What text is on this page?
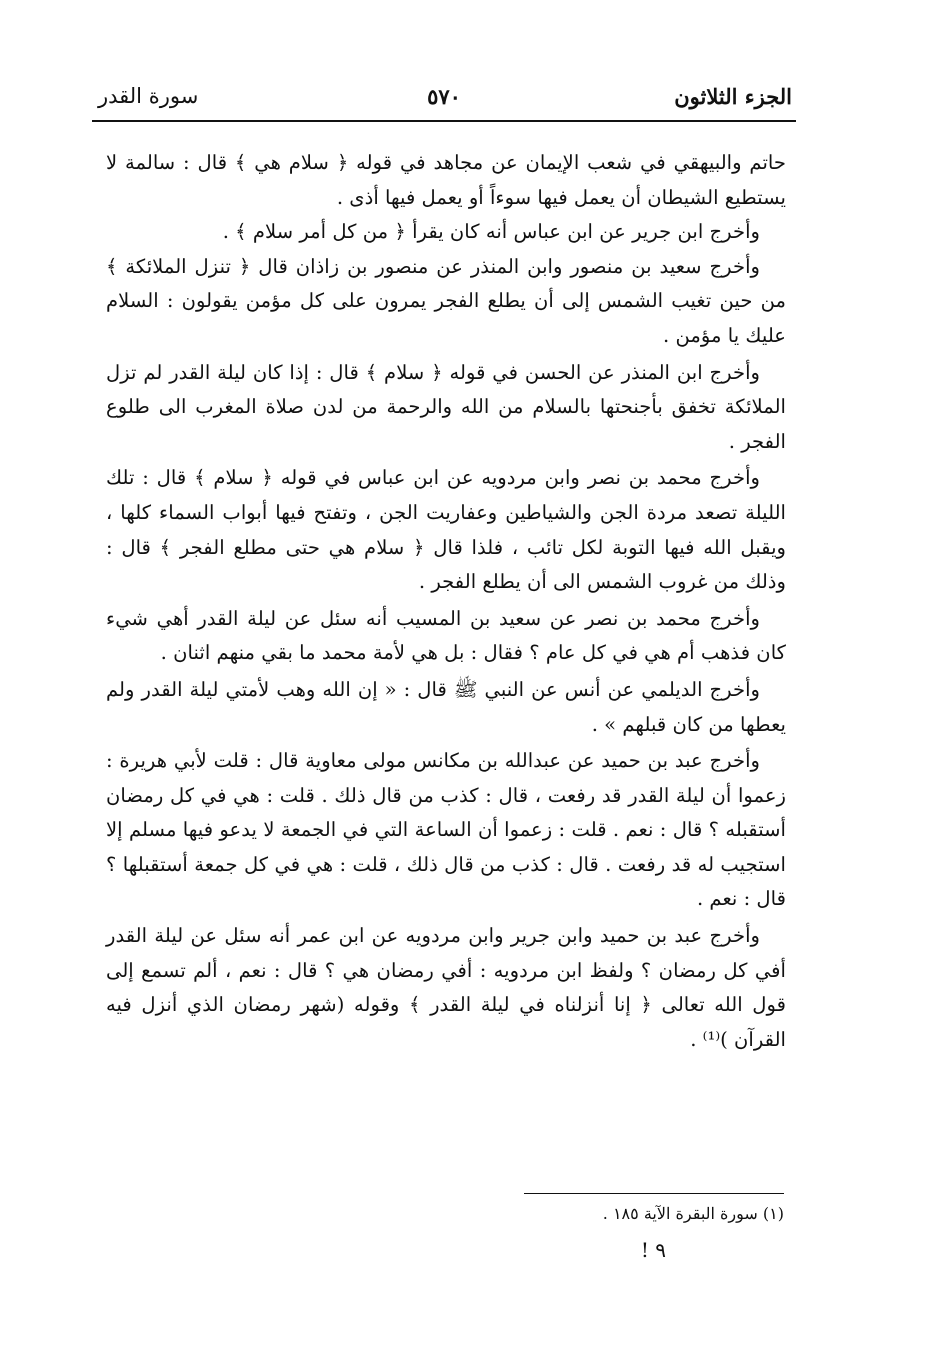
الجزء الثلاثون
٥٧٠
سورة القدر

حاتم والبيهقي في شعب الإيمان عن مجاهد في قوله ﴿ سلام هي ﴾ قال : سالمة لا يستطيع الشيطان أن يعمل فيها سوءاً أو يعمل فيها أذى .

وأخرج ابن جرير عن ابن عباس أنه كان يقرأ ﴿ من كل أمر سلام ﴾ .

وأخرج سعيد بن منصور وابن المنذر عن منصور بن زاذان قال ﴿ تنزل الملائكة ﴾ من حين تغيب الشمس إلى أن يطلع الفجر يمرون على كل مؤمن يقولون : السلام عليك يا مؤمن .

وأخرج ابن المنذر عن الحسن في قوله ﴿ سلام ﴾ قال : إذا كان ليلة القدر لم تزل الملائكة تخفق بأجنحتها بالسلام من الله والرحمة من لدن صلاة المغرب الى طلوع الفجر .

وأخرج محمد بن نصر وابن مردويه عن ابن عباس في قوله ﴿ سلام ﴾ قال : تلك الليلة تصعد مردة الجن والشياطين وعفاريت الجن ، وتفتح فيها أبواب السماء كلها ، ويقبل الله فيها التوبة لكل تائب ، فلذا قال ﴿ سلام هي حتى مطلع الفجر ﴾ قال : وذلك من غروب الشمس الى أن يطلع الفجر .

وأخرج محمد بن نصر عن سعيد بن المسيب أنه سئل عن ليلة القدر أهي شيء كان فذهب أم هي في كل عام ؟ فقال : بل هي لأمة محمد ما بقي منهم اثنان .

وأخرج الديلمي عن أنس عن النبي ﷺ قال : « إن الله وهب لأمتي ليلة القدر ولم يعطها من كان قبلهم » .

وأخرج عبد بن حميد عن عبدالله بن مكانس مولى معاوية قال : قلت لأبي هريرة : زعموا أن ليلة القدر قد رفعت ، قال : كذب من قال ذلك . قلت : هي في كل رمضان أستقبله ؟ قال : نعم . قلت : زعموا أن الساعة التي في الجمعة لا يدعو فيها مسلم إلا استجيب له قد رفعت . قال : كذب من قال ذلك ، قلت : هي في كل جمعة أستقبلها ؟ قال : نعم .

وأخرج عبد بن حميد وابن جرير وابن مردويه عن ابن عمر أنه سئل عن ليلة القدر أفي كل رمضان ؟ ولفظ ابن مردويه : أفي رمضان هي ؟ قال : نعم ، ألم تسمع إلى قول الله تعالى ﴿ إنا أنزلناه في ليلة القدر ﴾ وقوله (شهر رمضان الذي أنزل فيه القرآن )⁽¹⁾ .

(١) سورة البقرة الآية ١٨٥ .
٩ !
